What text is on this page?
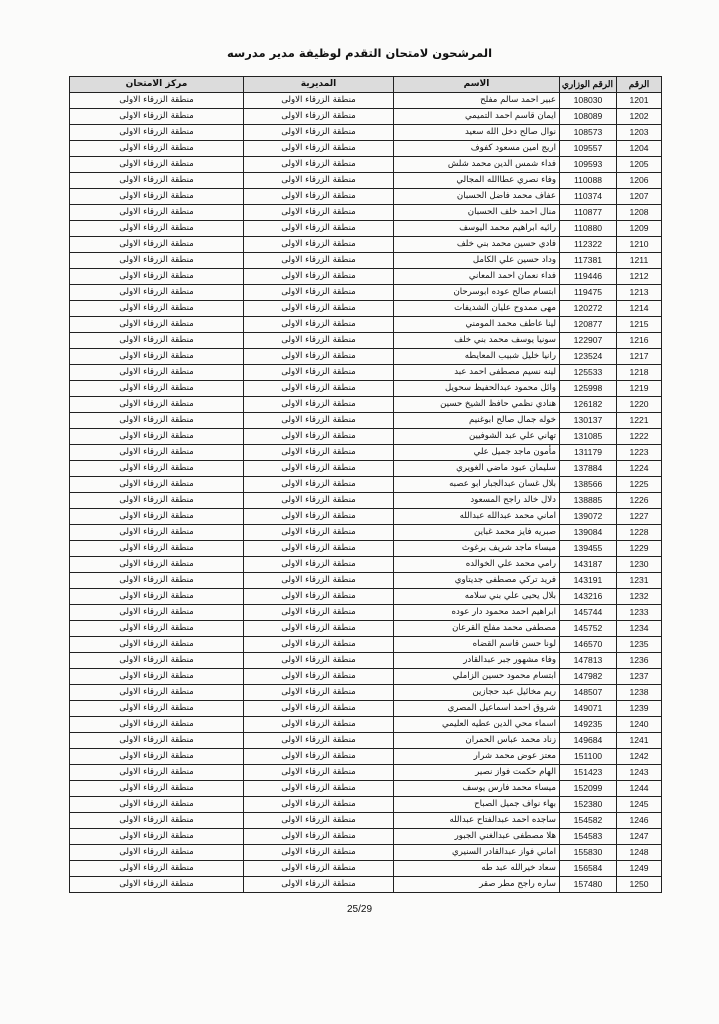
المرشحون لامتحان التقدم لوظيفة مدير مدرسه
الرقم	الرقم الوزاري	الاسم	المديرية	مركز الامتحان
1201	108030	عبير احمد سالم مفلح	منطقة الزرقاء الاولى	منطقة الزرقاء الاولى
1202	108089	ايمان قاسم احمد التميمي	منطقة الزرقاء الاولى	منطقة الزرقاء الاولى
1203	108573	نوال صالح دخل الله سعيد	منطقة الزرقاء الاولى	منطقة الزرقاء الاولى
1204	109557	اريج امين مسعود كفوف	منطقة الزرقاء الاولى	منطقة الزرقاء الاولى
1205	109593	فداء شمس الدين محمد شلش	منطقة الزرقاء الاولى	منطقة الزرقاء الاولى
1206	110088	وفاء نصري عطاالله المجالي	منطقة الزرقاء الاولى	منطقة الزرقاء الاولى
1207	110374	عفاف محمد فاضل الحسبان	منطقة الزرقاء الاولى	منطقة الزرقاء الاولى
1208	110877	منال احمد خلف الحسبان	منطقة الزرقاء الاولى	منطقة الزرقاء الاولى
1209	110880	رائيه ابراهيم محمد اليوسف	منطقة الزرقاء الاولى	منطقة الزرقاء الاولى
1210	112322	فادي حسين محمد بني خلف	منطقة الزرقاء الاولى	منطقة الزرقاء الاولى
1211	117381	وداد حسين علي الكامل	منطقة الزرقاء الاولى	منطقة الزرقاء الاولى
1212	119446	فداء نعمان احمد المعاني	منطقة الزرقاء الاولى	منطقة الزرقاء الاولى
1213	119475	ابتسام صالح عوده ابوسرحان	منطقة الزرقاء الاولى	منطقة الزرقاء الاولى
1214	120272	مهى ممدوح عليان الشديفات	منطقة الزرقاء الاولى	منطقة الزرقاء الاولى
1215	120877	لينا عاطف محمد المومني	منطقة الزرقاء الاولى	منطقة الزرقاء الاولى
1216	122907	سونيا يوسف محمد بني خلف	منطقة الزرقاء الاولى	منطقة الزرقاء الاولى
1217	123524	رانيا خليل شبيب المعايطه	منطقة الزرقاء الاولى	منطقة الزرقاء الاولى
1218	125533	لينه نسيم مصطفى احمد عبد	منطقة الزرقاء الاولى	منطقة الزرقاء الاولى
1219	125998	وائل محمود عبدالحفيظ سحويل	منطقة الزرقاء الاولى	منطقة الزرقاء الاولى
1220	126182	هنادي نظمي حافظ الشيخ حسين	منطقة الزرقاء الاولى	منطقة الزرقاء الاولى
1221	130137	خوله جمال صالح ابوغنيم	منطقة الزرقاء الاولى	منطقة الزرقاء الاولى
1222	131085	تهاني علي عبد الشوفيين	منطقة الزرقاء الاولى	منطقة الزرقاء الاولى
1223	131179	مأمون ماجد جميل علي	منطقة الزرقاء الاولى	منطقة الزرقاء الاولى
1224	137884	سليمان عبود ماضي الغويري	منطقة الزرقاء الاولى	منطقة الزرقاء الاولى
1225	138566	بلال غسان عبدالجبار ابو عصبه	منطقة الزرقاء الاولى	منطقة الزرقاء الاولى
1226	138885	دلال خالد راجح المسعود	منطقة الزرقاء الاولى	منطقة الزرقاء الاولى
1227	139072	اماني محمد عبدالله عبدالله	منطقة الزرقاء الاولى	منطقة الزرقاء الاولى
1228	139084	صبريه فايز محمد غباين	منطقة الزرقاء الاولى	منطقة الزرقاء الاولى
1229	139455	ميساء ماجد شريف برغوث	منطقة الزرقاء الاولى	منطقة الزرقاء الاولى
1230	143187	رامي محمد علي الخوالده	منطقة الزرقاء الاولى	منطقة الزرقاء الاولى
1231	143191	فريد تركي مصطفى جديتاوي	منطقة الزرقاء الاولى	منطقة الزرقاء الاولى
1232	143216	بلال يحيى علي بني سلامه	منطقة الزرقاء الاولى	منطقة الزرقاء الاولى
1233	145744	ابراهيم احمد محمود دار عوده	منطقة الزرقاء الاولى	منطقة الزرقاء الاولى
1234	145752	مصطفى محمد مفلح القرعان	منطقة الزرقاء الاولى	منطقة الزرقاء الاولى
1235	146570	لونا حسن قاسم القضاه	منطقة الزرقاء الاولى	منطقة الزرقاء الاولى
1236	147813	وفاء مشهور جبر عبدالقادر	منطقة الزرقاء الاولى	منطقة الزرقاء الاولى
1237	147982	ابتسام محمود حسين الزاملي	منطقة الزرقاء الاولى	منطقة الزرقاء الاولى
1238	148507	ريم مخائيل عبد حجازين	منطقة الزرقاء الاولى	منطقة الزرقاء الاولى
1239	149071	شروق احمد اسماعيل المصري	منطقة الزرقاء الاولى	منطقة الزرقاء الاولى
1240	149235	اسماء محي الدين عطيه العليمي	منطقة الزرقاء الاولى	منطقة الزرقاء الاولى
1241	149684	زناد محمد عباس الحمران	منطقة الزرقاء الاولى	منطقة الزرقاء الاولى
1242	151100	معتز عوض محمد شرار	منطقة الزرقاء الاولى	منطقة الزرقاء الاولى
1243	151423	الهام حكمت فواز نصير	منطقة الزرقاء الاولى	منطقة الزرقاء الاولى
1244	152099	ميساء محمد فارس يوسف	منطقة الزرقاء الاولى	منطقة الزرقاء الاولى
1245	152380	بهاء نواف جميل الصباح	منطقة الزرقاء الاولى	منطقة الزرقاء الاولى
1246	154582	ساجده احمد عبدالفتاح عبدالله	منطقة الزرقاء الاولى	منطقة الزرقاء الاولى
1247	154583	هلا مصطفى عبدالغني الجبور	منطقة الزرقاء الاولى	منطقة الزرقاء الاولى
1248	155830	اماني فواز عبدالقادر السنيري	منطقة الزرقاء الاولى	منطقة الزرقاء الاولى
1249	156584	سعاد خيرالله عبد طه	منطقة الزرقاء الاولى	منطقة الزرقاء الاولى
1250	157480	ساره راجح مطر صقر	منطقة الزرقاء الاولى	منطقة الزرقاء الاولى
25/29
